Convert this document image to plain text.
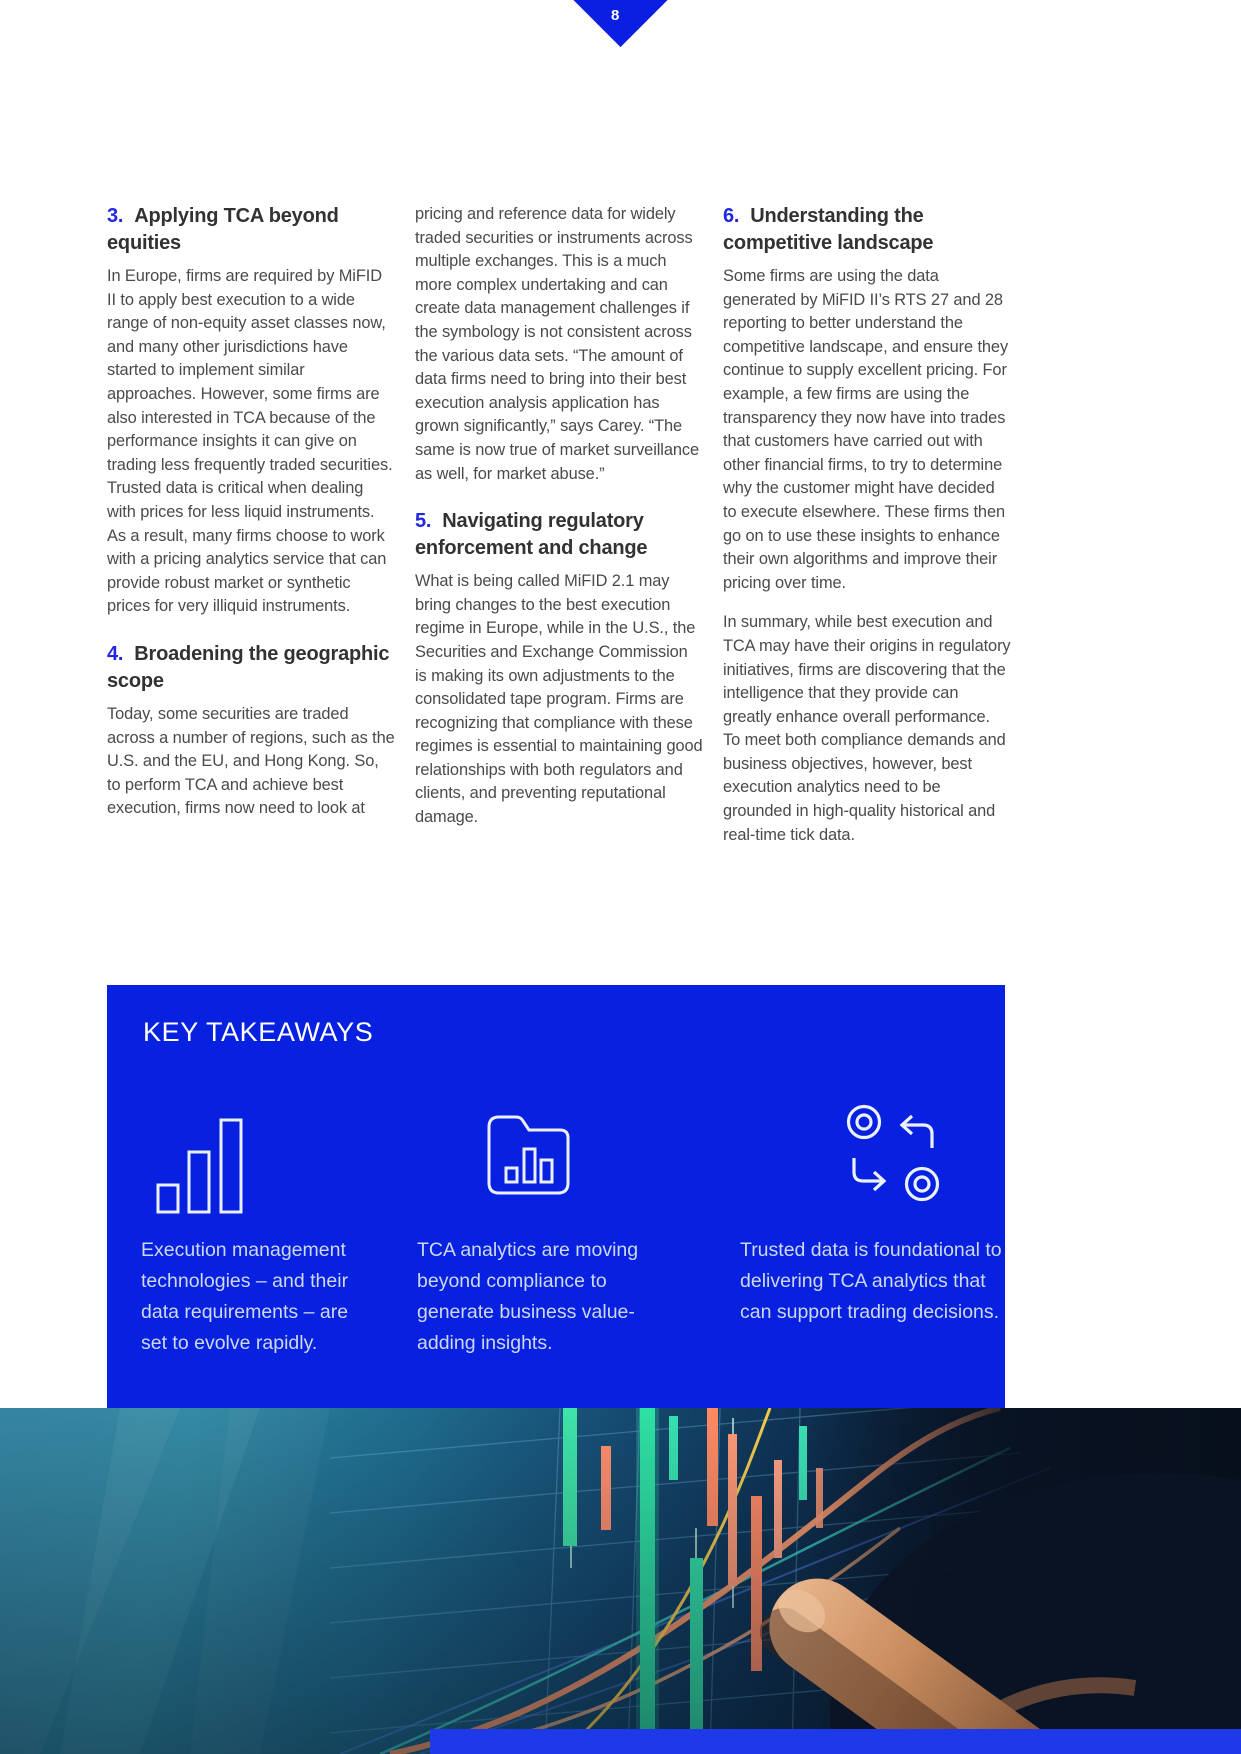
8
3. Applying TCA beyond equities

In Europe, firms are required by MiFID II to apply best execution to a wide range of non-equity asset classes now, and many other jurisdictions have started to implement similar approaches. However, some firms are also interested in TCA because of the performance insights it can give on trading less frequently traded securities. Trusted data is critical when dealing with prices for less liquid instruments. As a result, many firms choose to work with a pricing analytics service that can provide robust market or synthetic prices for very illiquid instruments.

4. Broadening the geographic scope

Today, some securities are traded across a number of regions, such as the U.S. and the EU, and Hong Kong. So, to perform TCA and achieve best execution, firms now need to look at

pricing and reference data for widely traded securities or instruments across multiple exchanges. This is a much more complex undertaking and can create data management challenges if the symbology is not consistent across the various data sets. “The amount of data firms need to bring into their best execution analysis application has grown significantly,” says Carey. “The same is now true of market surveillance as well, for market abuse.”

5. Navigating regulatory enforcement and change

What is being called MiFID 2.1 may bring changes to the best execution regime in Europe, while in the U.S., the Securities and Exchange Commission is making its own adjustments to the consolidated tape program. Firms are recognizing that compliance with these regimes is essential to maintaining good relationships with both regulators and clients, and preventing reputational damage.

6. Understanding the competitive landscape

Some firms are using the data generated by MiFID II’s RTS 27 and 28 reporting to better understand the competitive landscape, and ensure they continue to supply excellent pricing. For example, a few firms are using the transparency they now have into trades that customers have carried out with other financial firms, to try to determine why the customer might have decided to execute elsewhere. These firms then go on to use these insights to enhance their own algorithms and improve their pricing over time.

In summary, while best execution and TCA may have their origins in regulatory initiatives, firms are discovering that the intelligence that they provide can greatly enhance overall performance. To meet both compliance demands and business objectives, however, best execution analytics need to be grounded in high-quality historical and real-time tick data.

KEY TAKEAWAYS
Execution management technologies – and their data requirements – are set to evolve rapidly.
TCA analytics are moving beyond compliance to generate business value-adding insights.
Trusted data is foundational to delivering TCA analytics that can support trading decisions.
